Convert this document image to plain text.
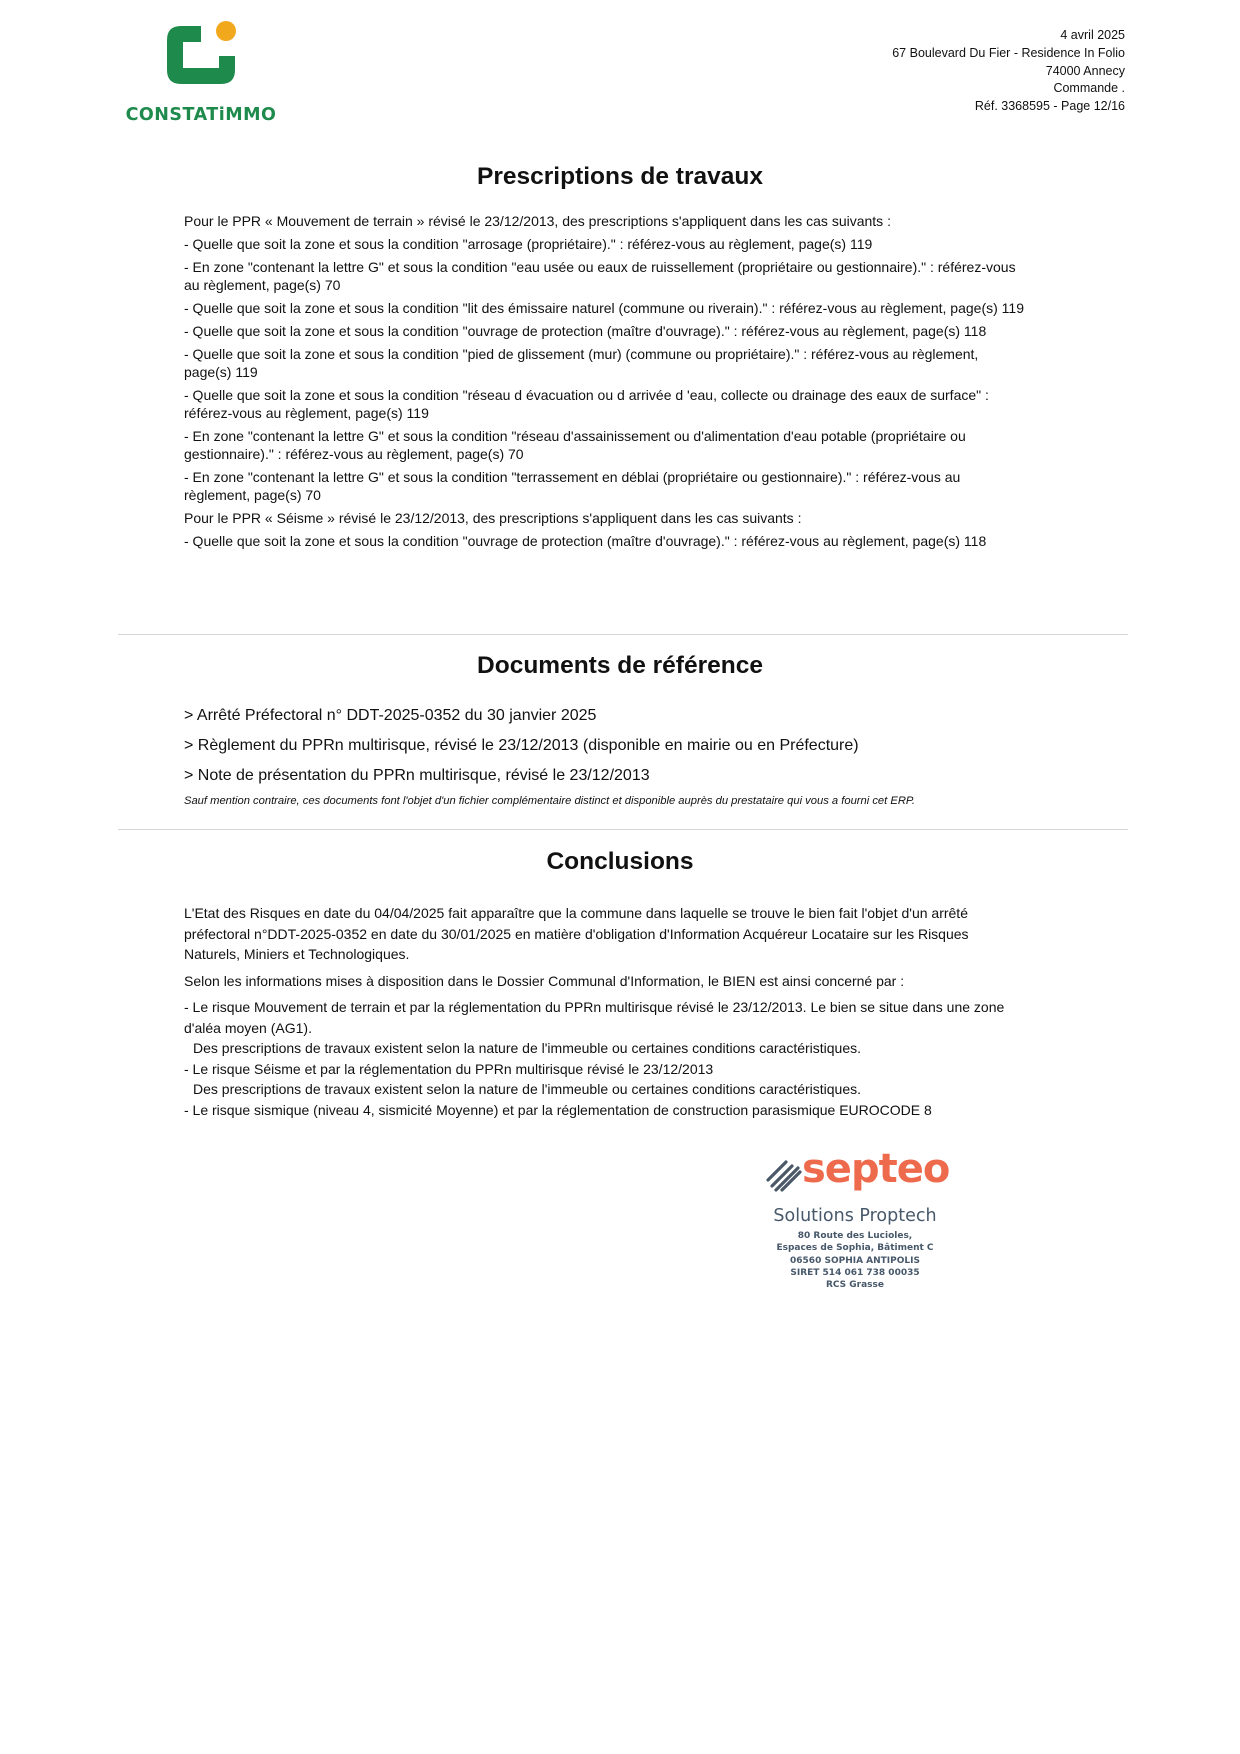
CONSTATiMMO
4 avril 2025
67 Boulevard Du Fier - Residence In Folio
74000 Annecy
Commande .
Réf. 3368595 - Page 12/16
Prescriptions de travaux

Pour le PPR « Mouvement de terrain » révisé le 23/12/2013, des prescriptions s'appliquent dans les cas suivants :

- Quelle que soit la zone et sous la condition "arrosage (propriétaire)." : référez-vous au règlement, page(s) 119

- En zone "contenant la lettre G" et sous la condition "eau usée ou eaux de ruissellement (propriétaire ou gestionnaire)." : référez-vous au règlement, page(s) 70

- Quelle que soit la zone et sous la condition "lit des émissaire naturel (commune ou riverain)." : référez-vous au règlement, page(s) 119

- Quelle que soit la zone et sous la condition "ouvrage de protection (maître d'ouvrage)." : référez-vous au règlement, page(s) 118

- Quelle que soit la zone et sous la condition "pied de glissement (mur) (commune ou propriétaire)." : référez-vous au règlement, page(s) 119

- Quelle que soit la zone et sous la condition "réseau d évacuation ou d arrivée d 'eau, collecte ou drainage des eaux de surface" : référez-vous au règlement, page(s) 119

- En zone "contenant la lettre G" et sous la condition "réseau d'assainissement ou d'alimentation d'eau potable (propriétaire ou gestionnaire)." : référez-vous au règlement, page(s) 70

- En zone "contenant la lettre G" et sous la condition "terrassement en déblai (propriétaire ou gestionnaire)." : référez-vous au règlement, page(s) 70

Pour le PPR « Séisme » révisé le 23/12/2013, des prescriptions s'appliquent dans les cas suivants :

- Quelle que soit la zone et sous la condition "ouvrage de protection (maître d'ouvrage)." : référez-vous au règlement, page(s) 118

Documents de référence
> Arrêté Préfectoral n° DDT-2025-0352 du 30 janvier 2025
> Règlement du PPRn multirisque, révisé le 23/12/2013 (disponible en mairie ou en Préfecture)
> Note de présentation du PPRn multirisque, révisé le 23/12/2013
Sauf mention contraire, ces documents font l'objet d'un fichier complémentaire distinct et disponible auprès du prestataire qui vous a fourni cet ERP.
Conclusions

L'Etat des Risques en date du 04/04/2025 fait apparaître que la commune dans laquelle se trouve le bien fait l'objet d'un arrêté préfectoral n°DDT-2025-0352 en date du 30/01/2025 en matière d'obligation d'Information Acquéreur Locataire sur les Risques Naturels, Miniers et Technologiques.

Selon les informations mises à disposition dans le Dossier Communal d'Information, le BIEN est ainsi concerné par :

- Le risque Mouvement de terrain et par la réglementation du PPRn multirisque révisé le 23/12/2013. Le bien se situe dans une zone d'aléa moyen (AG1).

Des prescriptions de travaux existent selon la nature de l'immeuble ou certaines conditions caractéristiques.

- Le risque Séisme et par la réglementation du PPRn multirisque révisé le 23/12/2013

Des prescriptions de travaux existent selon la nature de l'immeuble ou certaines conditions caractéristiques.

- Le risque sismique (niveau 4, sismicité Moyenne) et par la réglementation de construction parasismique EUROCODE 8

septeo
Solutions Proptech
80 Route des Lucioles,
Espaces de Sophia, Bâtiment C
06560 SOPHIA ANTIPOLIS
SIRET 514 061 738 00035
RCS Grasse
